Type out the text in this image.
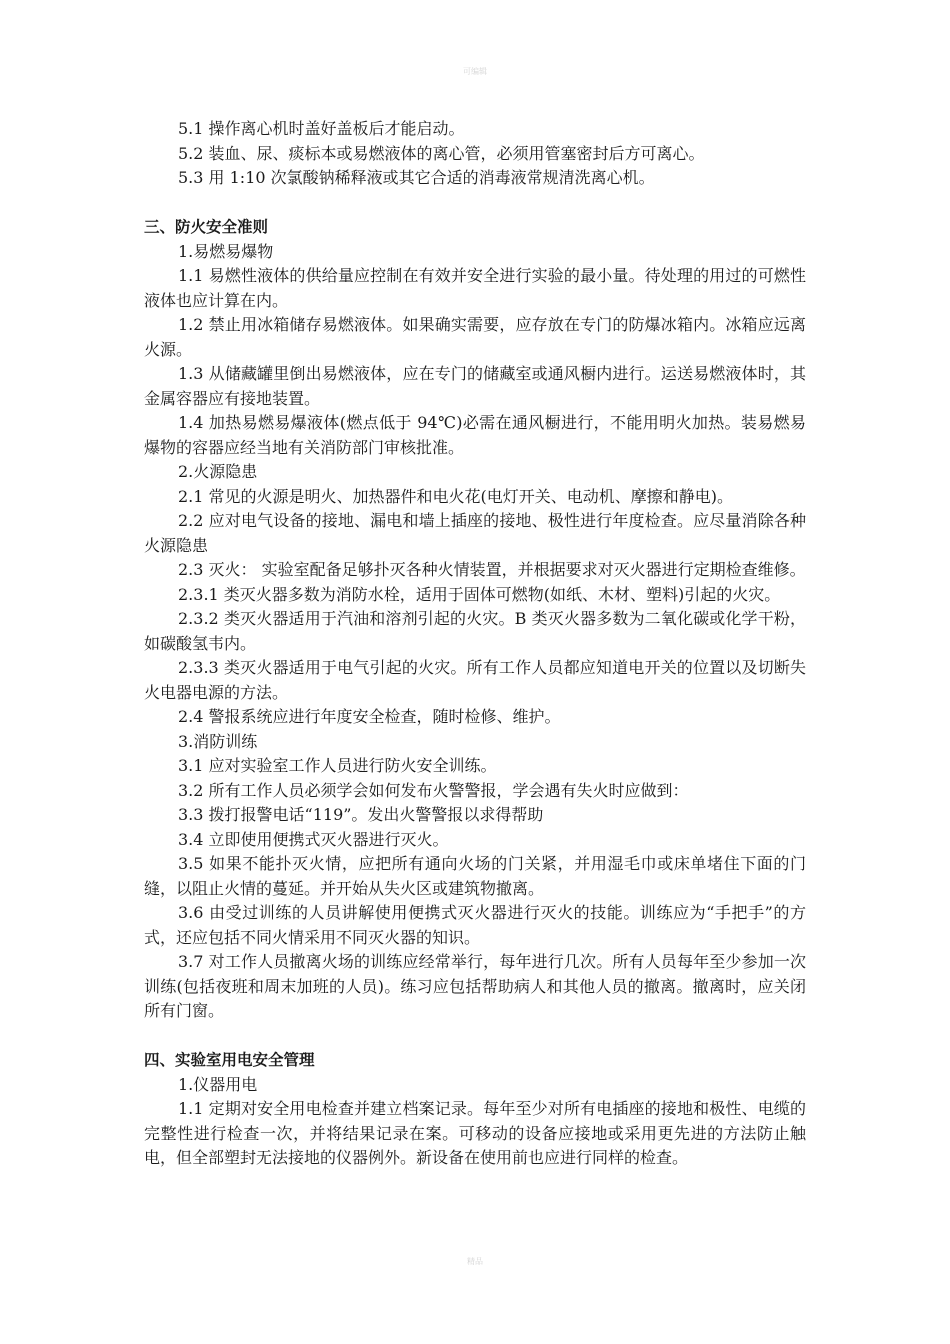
可编辑

5.1 操作离心机时盖好盖板后才能启动。

5.2 装血、尿、痰标本或易燃液体的离心管，必须用管塞密封后方可离心。

5.3 用 1:10 次氯酸钠稀释液或其它合适的消毒液常规清洗离心机。

三、防火安全准则

1.易燃易爆物

1.1 易燃性液体的供给量应控制在有效并安全进行实验的最小量。待处理的用过的可燃性液体也应计算在内。

1.2 禁止用冰箱储存易燃液体。如果确实需要，应存放在专门的防爆冰箱内。冰箱应远离火源。

1.3 从储藏罐里倒出易燃液体，应在专门的储藏室或通风橱内进行。运送易燃液体时，其金属容器应有接地装置。

1.4 加热易燃易爆液体(燃点低于 94℃)必需在通风橱进行，不能用明火加热。装易燃易爆物的容器应经当地有关消防部门审核批准。

2.火源隐患

2.1 常见的火源是明火、加热器件和电火花(电灯开关、电动机、摩擦和静电)。

2.2 应对电气设备的接地、漏电和墙上插座的接地、极性进行年度检查。应尽量消除各种火源隐患

2.3 灭火： 实验室配备足够扑灭各种火情装置，并根据要求对灭火器进行定期检查维修。

2.3.1 类灭火器多数为消防水栓，适用于固体可燃物(如纸、木材、塑料)引起的火灾。

2.3.2 类灭火器适用于汽油和溶剂引起的火灾。B 类灭火器多数为二氧化碳或化学干粉，如碳酸氢韦内。

2.3.3 类灭火器适用于电气引起的火灾。所有工作人员都应知道电开关的位置以及切断失火电器电源的方法。

2.4 警报系统应进行年度安全检查，随时检修、维护。

3.消防训练

3.1 应对实验室工作人员进行防火安全训练。

3.2 所有工作人员必须学会如何发布火警警报，学会遇有失火时应做到：

3.3 拨打报警电话“119”。发出火警警报以求得帮助

3.4 立即使用便携式灭火器进行灭火。

3.5 如果不能扑灭火情，应把所有通向火场的门关紧，并用湿毛巾或床单堵住下面的门缝，以阻止火情的蔓延。并开始从失火区或建筑物撤离。

3.6 由受过训练的人员讲解使用便携式灭火器进行灭火的技能。训练应为“手把手”的方式，还应包括不同火情采用不同灭火器的知识。

3.7 对工作人员撤离火场的训练应经常举行，每年进行几次。所有人员每年至少参加一次训练(包括夜班和周末加班的人员)。练习应包括帮助病人和其他人员的撤离。撤离时，应关闭所有门窗。

四、实验室用电安全管理

1.仪器用电

1.1 定期对安全用电检查并建立档案记录。每年至少对所有电插座的接地和极性、电缆的完整性进行检查一次，并将结果记录在案。可移动的设备应接地或采用更先进的方法防止触电，但全部塑封无法接地的仪器例外。新设备在使用前也应进行同样的检查。

精品
